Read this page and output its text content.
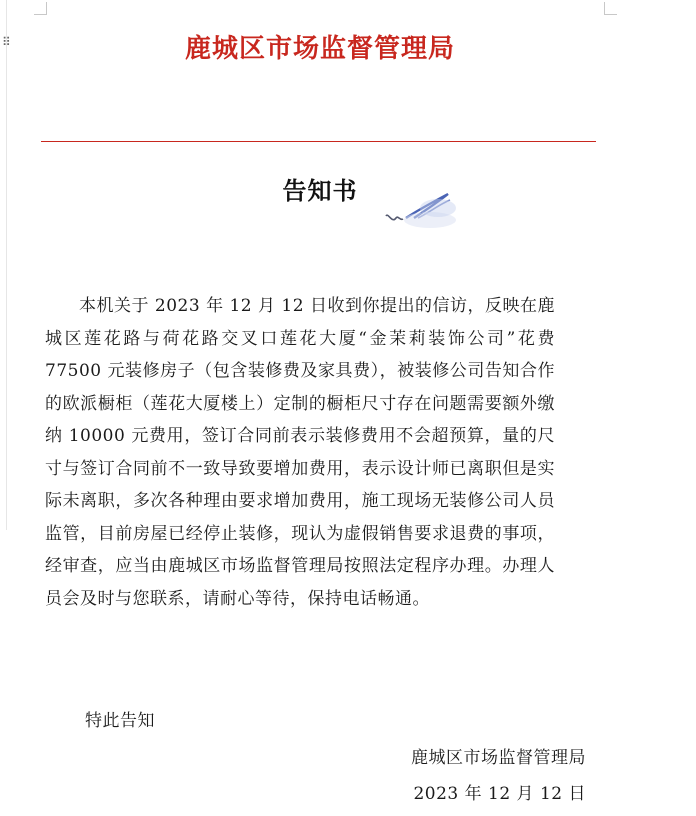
⠿	鹿城区市场监督管理局
告知书

本机关于 2023 年 12 月 12 日收到你提出的信访，反映在鹿城区莲花路与荷花路交叉口莲花大厦“金茉莉装饰公司”花费 77500 元装修房子（包含装修费及家具费），被装修公司告知合作的欧派橱柜（莲花大厦楼上）定制的橱柜尺寸存在问题需要额外缴纳 10000 元费用，签订合同前表示装修费用不会超预算，量的尺寸与签订合同前不一致导致要增加费用，表示设计师已离职但是实际未离职，多次各种理由要求增加费用，施工现场无装修公司人员监管，目前房屋已经停止装修，现认为虚假销售要求退费的事项，经审查，应当由鹿城区市场监督管理局按照法定程序办理。办理人员会及时与您联系，请耐心等待，保持电话畅通。

特此告知

鹿城区市场监督管理局

2023 年 12 月 12 日
